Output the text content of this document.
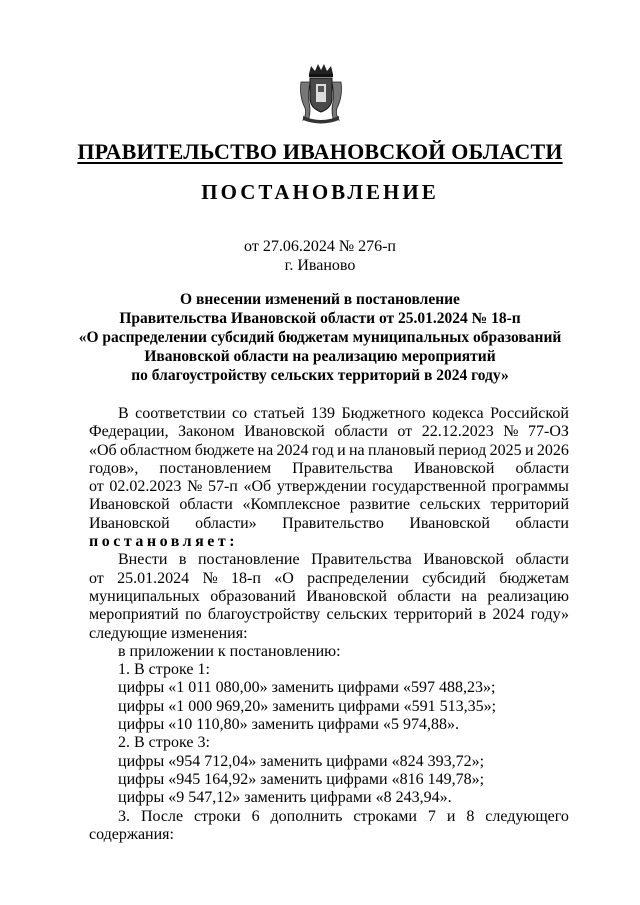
ПРАВИТЕЛЬСТВО ИВАНОВСКОЙ ОБЛАСТИ
ПОСТАНОВЛЕНИЕ
от 27.06.2024 № 276-п
г. Иваново
О внесении изменений в постановление
Правительства Ивановской области от 25.01.2024 № 18-п
«О распределении субсидий бюджетам муниципальных образований
Ивановской области на реализацию мероприятий
по благоустройству сельских территорий в 2024 году»
В соответствии со статьей 139 Бюджетного кодекса Российской
Федерации, Законом Ивановской области от 22.12.2023 № 77-ОЗ
«Об областном бюджете на 2024 год и на плановый период 2025 и 2026
годов», постановлением Правительства Ивановской области
от 02.02.2023 № 57-п «Об утверждении государственной программы
Ивановской области «Комплексное развитие сельских территорий
Ивановской области» Правительство Ивановской области
постановляет:
Внести в постановление Правительства Ивановской области
от 25.01.2024 № 18-п «О распределении субсидий бюджетам
муниципальных образований Ивановской области на реализацию
мероприятий по благоустройству сельских территорий в 2024 году»
следующие изменения:
в приложении к постановлению:
1. В строке 1:
цифры «1 011 080,00» заменить цифрами «597 488,23»;
цифры «1 000 969,20» заменить цифрами «591 513,35»;
цифры «10 110,80» заменить цифрами «5 974,88».
2. В строке 3:
цифры «954 712,04» заменить цифрами «824 393,72»;
цифры «945 164,92» заменить цифрами «816 149,78»;
цифры «9 547,12» заменить цифрами «8 243,94».
3. После строки 6 дополнить строками 7 и 8 следующего
содержания:
